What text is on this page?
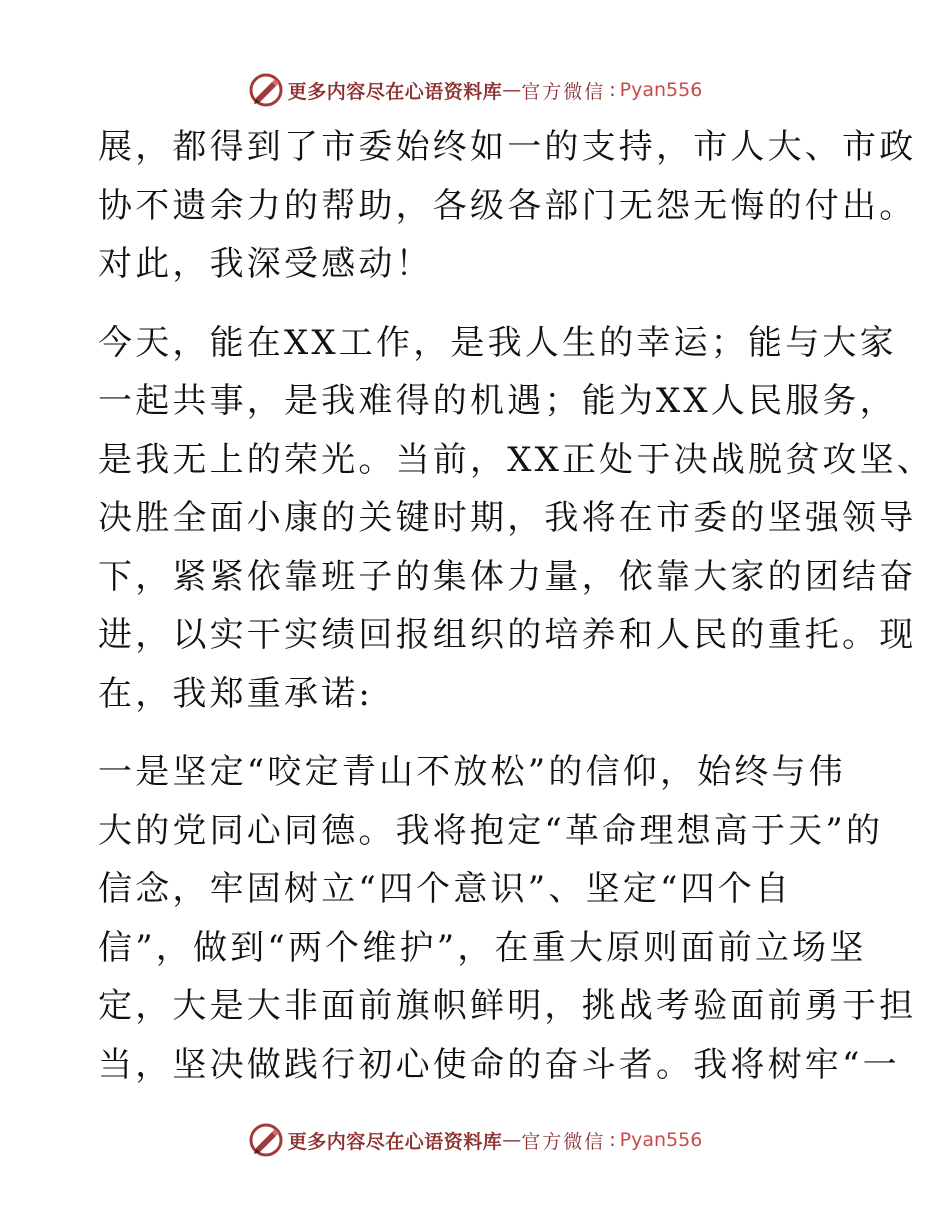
更多内容尽在心语资料库 — 官方微信 : Pyan556

展，都得到了市委始终如一的支持，市人大、市政
协不遗余力的帮助，各级各部门无怨无悔的付出。
对此，我深受感动！

今天，能在XX工作，是我人生的幸运；能与大家
一起共事，是我难得的机遇；能为XX人民服务，
是我无上的荣光。当前，XX正处于决战脱贫攻坚、
决胜全面小康的关键时期，我将在市委的坚强领导
下，紧紧依靠班子的集体力量，依靠大家的团结奋
进，以实干实绩回报组织的培养和人民的重托。现
在，我郑重承诺:

一是坚定“咬定青山不放松”的信仰，始终与伟
大的党同心同德。我将抱定“革命理想高于天”的
信念，牢固树立“四个意识”、坚定“四个自
信”，做到“两个维护”，在重大原则面前立场坚
定，大是大非面前旗帜鲜明，挑战考验面前勇于担
当，坚决做践行初心使命的奋斗者。我将树牢“一

更多内容尽在心语资料库 — 官方微信 : Pyan556
